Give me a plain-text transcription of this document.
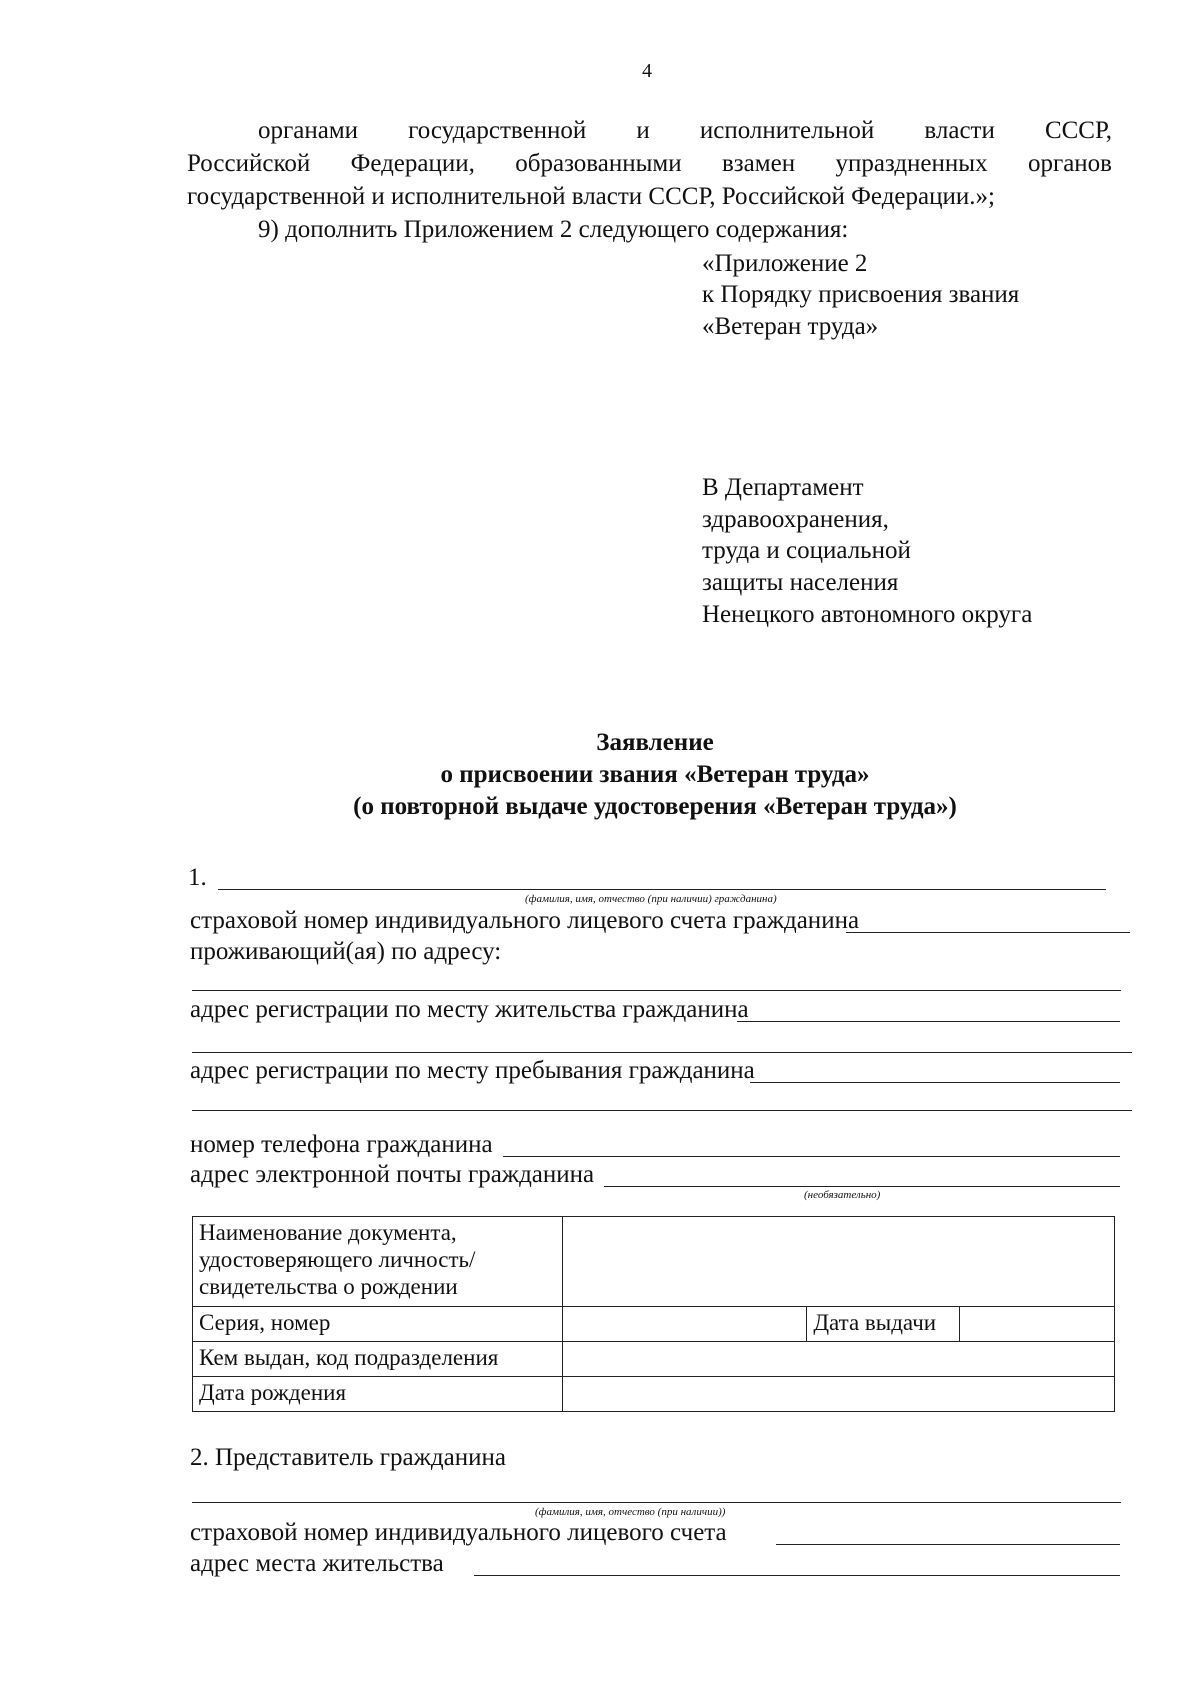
4
органами государственной и исполнительной власти СССР,
Российской Федерации, образованными взамен упраздненных органов
государственной и исполнительной власти СССР, Российской Федерации.»;
9) дополнить Приложением 2 следующего содержания:
«Приложение 2
к Порядку присвоения звания
«Ветеран труда»
В Департамент
здравоохранения,
труда и социальной
защиты населения
Ненецкого автономного округа
Заявление
о присвоении звания «Ветеран труда»
(о повторной выдаче удостоверения «Ветеран труда»)
1.
(фамилия, имя, отчество (при наличии) гражданина)
страховой номер индивидуального лицевого счета гражданина
проживающий(ая) по адресу:
адрес регистрации по месту жительства гражданина
адрес регистрации по месту пребывания гражданина
номер телефона гражданина
адрес электронной почты гражданина
(необязательно)
Наименование документа,
удостоверяющего личность/
свидетельства о рождении			

Серия, номер		Дата выдачи	
Кем выдан, код подразделения			
Дата рождения			
2. Представитель гражданина
(фамилия, имя, отчество (при наличии))
страховой номер индивидуального лицевого счета
адрес места жительства
